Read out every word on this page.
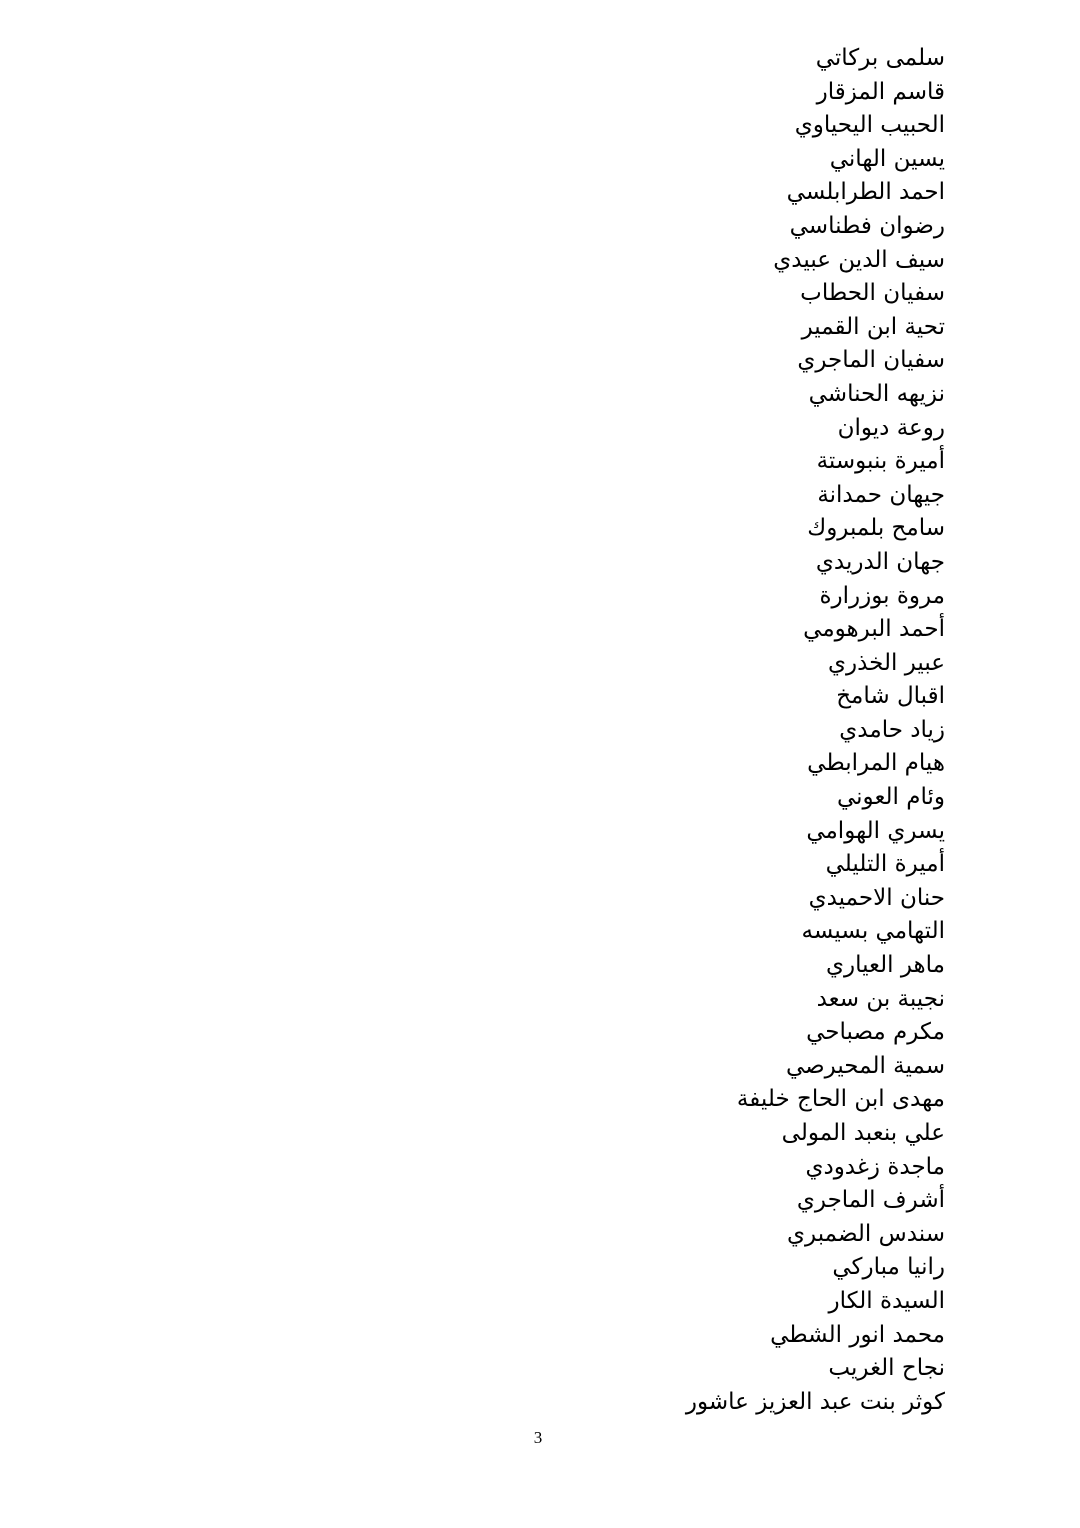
سلمى بركاتي
قاسم المزقار
الحبيب اليحياوي
يسين الهاني
احمد الطرابلسي
رضوان فطناسي
سيف الدين عبيدي
سفيان الحطاب
تحية ابن القمير
سفيان الماجري
نزيهه الحناشي
روعة ديوان
أميرة بنبوستة
جيهان حمدانة
سامح بلمبروك
جهان الدريدي
مروة بوزرارة
أحمد البرهومي
عبير الخذري
اقبال شامخ
زياد حامدي
هيام المرابطي
وئام العوني
يسري الهوامي
أميرة التليلي
حنان الاحميدي
التهامي بسيسه
ماهر العياري
نجيبة بن سعد
مكرم مصباحي
سمية المحيرصي
مهدى ابن الحاج خليفة
علي بنعبد المولى
ماجدة زغدودي
أشرف الماجري
سندس الضمبري
رانيا مباركي
السيدة الكار
محمد انور الشطي
نجاح الغريب
كوثر بنت عبد العزيز عاشور
3
